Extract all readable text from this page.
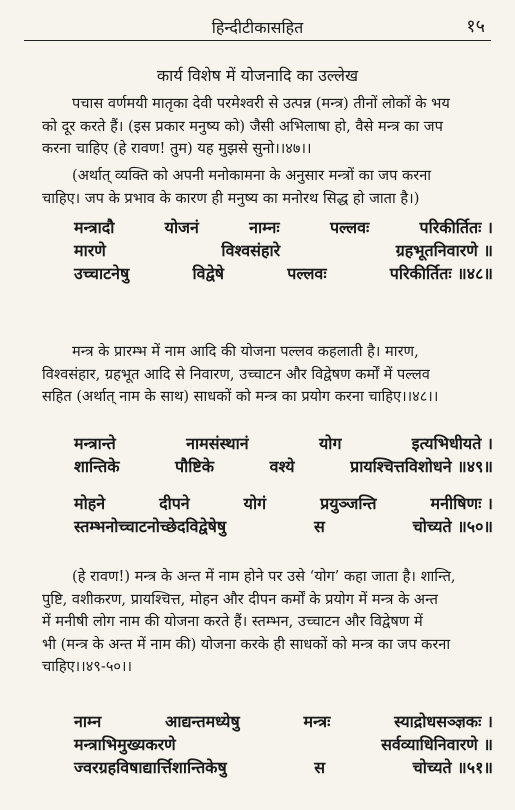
हिन्दीटीकासहित	१५
कार्य विशेष में योजनादि का उल्लेख
पचास वर्णमयी मातृका देवी परमेश्वरी से उत्पन्न (मन्त्र) तीनों लोकों के भय
को दूर करते हैं। (इस प्रकार मनुष्य को) जैसी अभिलाषा हो, वैसे मन्त्र का जप
करना चाहिए (हे रावण! तुम) यह मुझसे सुनो।।४७।।
(अर्थात् व्यक्ति को अपनी मनोकामना के अनुसार मन्त्रों का जप करना
चाहिए। जप के प्रभाव के कारण ही मनुष्य का मनोरथ सिद्ध हो जाता है।)
मन्त्रादौ	योजनं	नाम्नः	पल्लवः	परिकीर्तितः ।
मारणे	विश्वसंहारे	ग्रहभूतनिवारणे ॥
उच्चाटनेषु	विद्वेषे	पल्लवः	परिकीर्तितः ॥४८॥
मन्त्र के प्रारम्भ में नाम आदि की योजना पल्लव कहलाती है। मारण,
विश्वसंहार, ग्रहभूत आदि से निवारण, उच्चाटन और विद्वेषण कर्मों में पल्लव
सहित (अर्थात् नाम के साथ) साधकों को मन्त्र का प्रयोग करना चाहिए।।४८।।
मन्त्रान्ते	नामसंस्थानं	योग	इत्यभिधीयते ।
शान्तिके	पौष्टिके	वश्ये	प्रायश्चित्तविशोधने ॥४९॥
मोहने	दीपने	योगं	प्रयुञ्जन्ति	मनीषिणः ।
स्तम्भनोच्चाटनोच्छेदविद्वेषेषु	स	चोच्यते ॥५०॥
(हे रावण!) मन्त्र के अन्त में नाम होने पर उसे ‘योग’ कहा जाता है। शान्ति,
पुष्टि, वशीकरण, प्रायश्चित्त, मोहन और दीपन कर्मों के प्रयोग में मन्त्र के अन्त
में मनीषी लोग नाम की योजना करते हैं। स्तम्भन, उच्चाटन और विद्वेषण में
भी (मन्त्र के अन्त में नाम की) योजना करके ही साधकों को मन्त्र का जप करना
चाहिए।।४९-५०।।
नाम्न	आद्यन्तमध्येषु	मन्त्रः	स्याद्रोधसञ्ज्ञकः ।
मन्त्राभिमुख्यकरणे	सर्वव्याधिनिवारणे ॥
ज्वरग्रहविषाद्यार्त्तिशान्तिकेषु	स	चोच्यते ॥५१॥
